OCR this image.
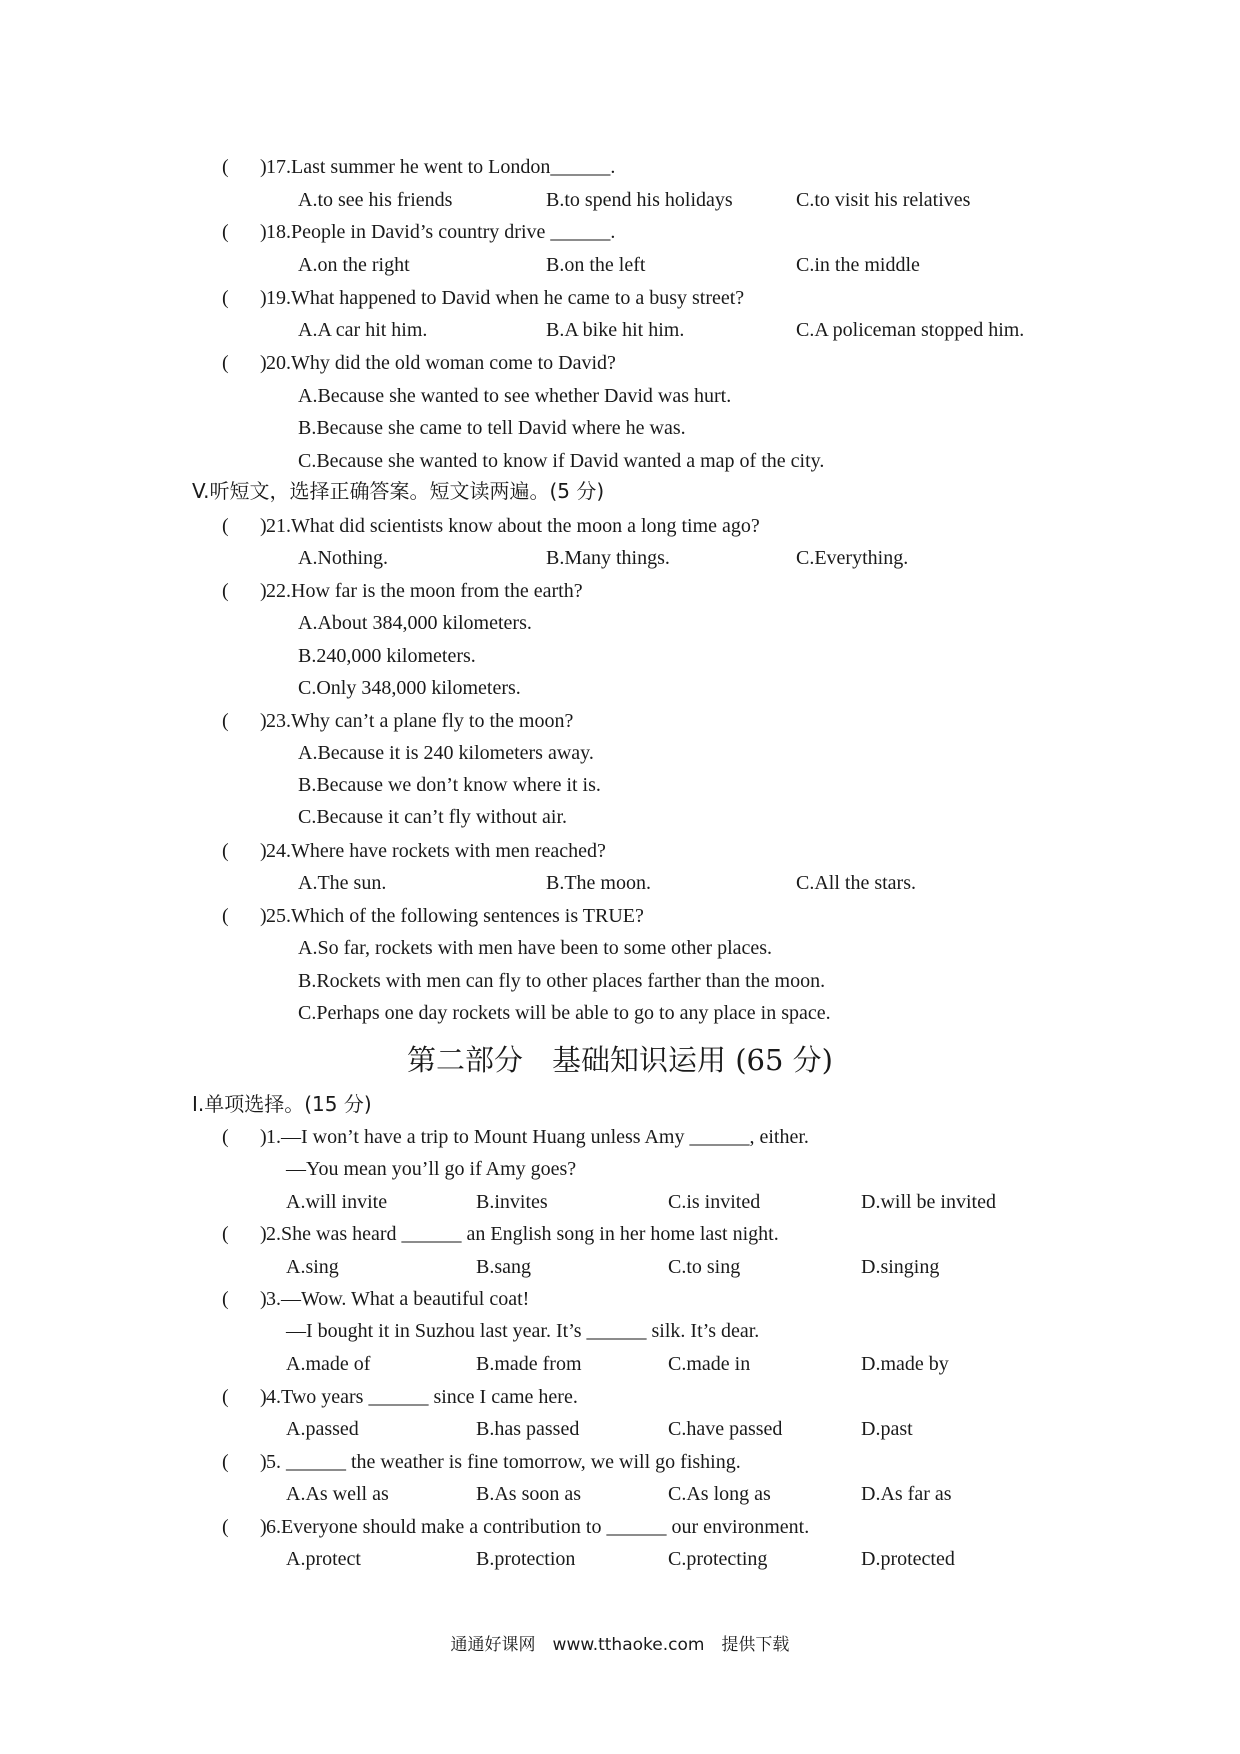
(

)

17.Last summer he went to London______.

A.to see his friends	B.to spend his holidays	C.to visit his relatives

(

)

18.People in David’s country drive ______.

A.on the right	B.on the left	C.in the middle

(

)

19.What happened to David when he came to a busy street?

A.A car hit him.	B.A bike hit him.	C.A policeman stopped him.

(

)

20.Why did the old woman come to David?

A.Because she wanted to see whether David was hurt.
B.Because she came to tell David where he was.
C.Because she wanted to know if David wanted a map of the city.
V.听短文，选择正确答案。短文读两遍。(5 分)

(

)

21.What did scientists know about the moon a long time ago?

A.Nothing.	B.Many things.	C.Everything.

(

)

22.How far is the moon from the earth?

A.About 384,000 kilometers.
B.240,000 kilometers.
C.Only 348,000 kilometers.

(

)

23.Why can’t a plane fly to the moon?

A.Because it is 240 kilometers away.
B.Because we don’t know where it is.
C.Because it can’t fly without air.

(

)

24.Where have rockets with men reached?

A.The sun.	B.The moon.	C.All the stars.

(

)

25.Which of the following sentences is TRUE?

A.So far, rockets with men have been to some other places.
B.Rockets with men can fly to other places farther than the moon.
C.Perhaps one day rockets will be able to go to any place in space.
第二部分　基础知识运用 (65 分)
Ⅰ.单项选择。(15 分)

(

)

1.—I won’t have a trip to Mount Huang unless Amy ______, either.

—You mean you’ll go if Amy goes?
A.will invite	B.invites	C.is invited	D.will be invited

(

)

2.She was heard ______ an English song in her home last night.

A.sing	B.sang	C.to sing	D.singing

(

)

3.—Wow. What a beautiful coat!

—I bought it in Suzhou last year. It’s ______ silk. It’s dear.
A.made of	B.made from	C.made in	D.made by

(

)

4.Two years ______ since I came here.

A.passed	B.has passed	C.have passed	D.past

(

)

5. ______ the weather is fine tomorrow, we will go fishing.

A.As well as	B.As soon as	C.As long as	D.As far as

(

)

6.Everyone should make a contribution to ______ our environment.

A.protect	B.protection	C.protecting	D.protected
通通好课网　www.tthaoke.com　提供下载
